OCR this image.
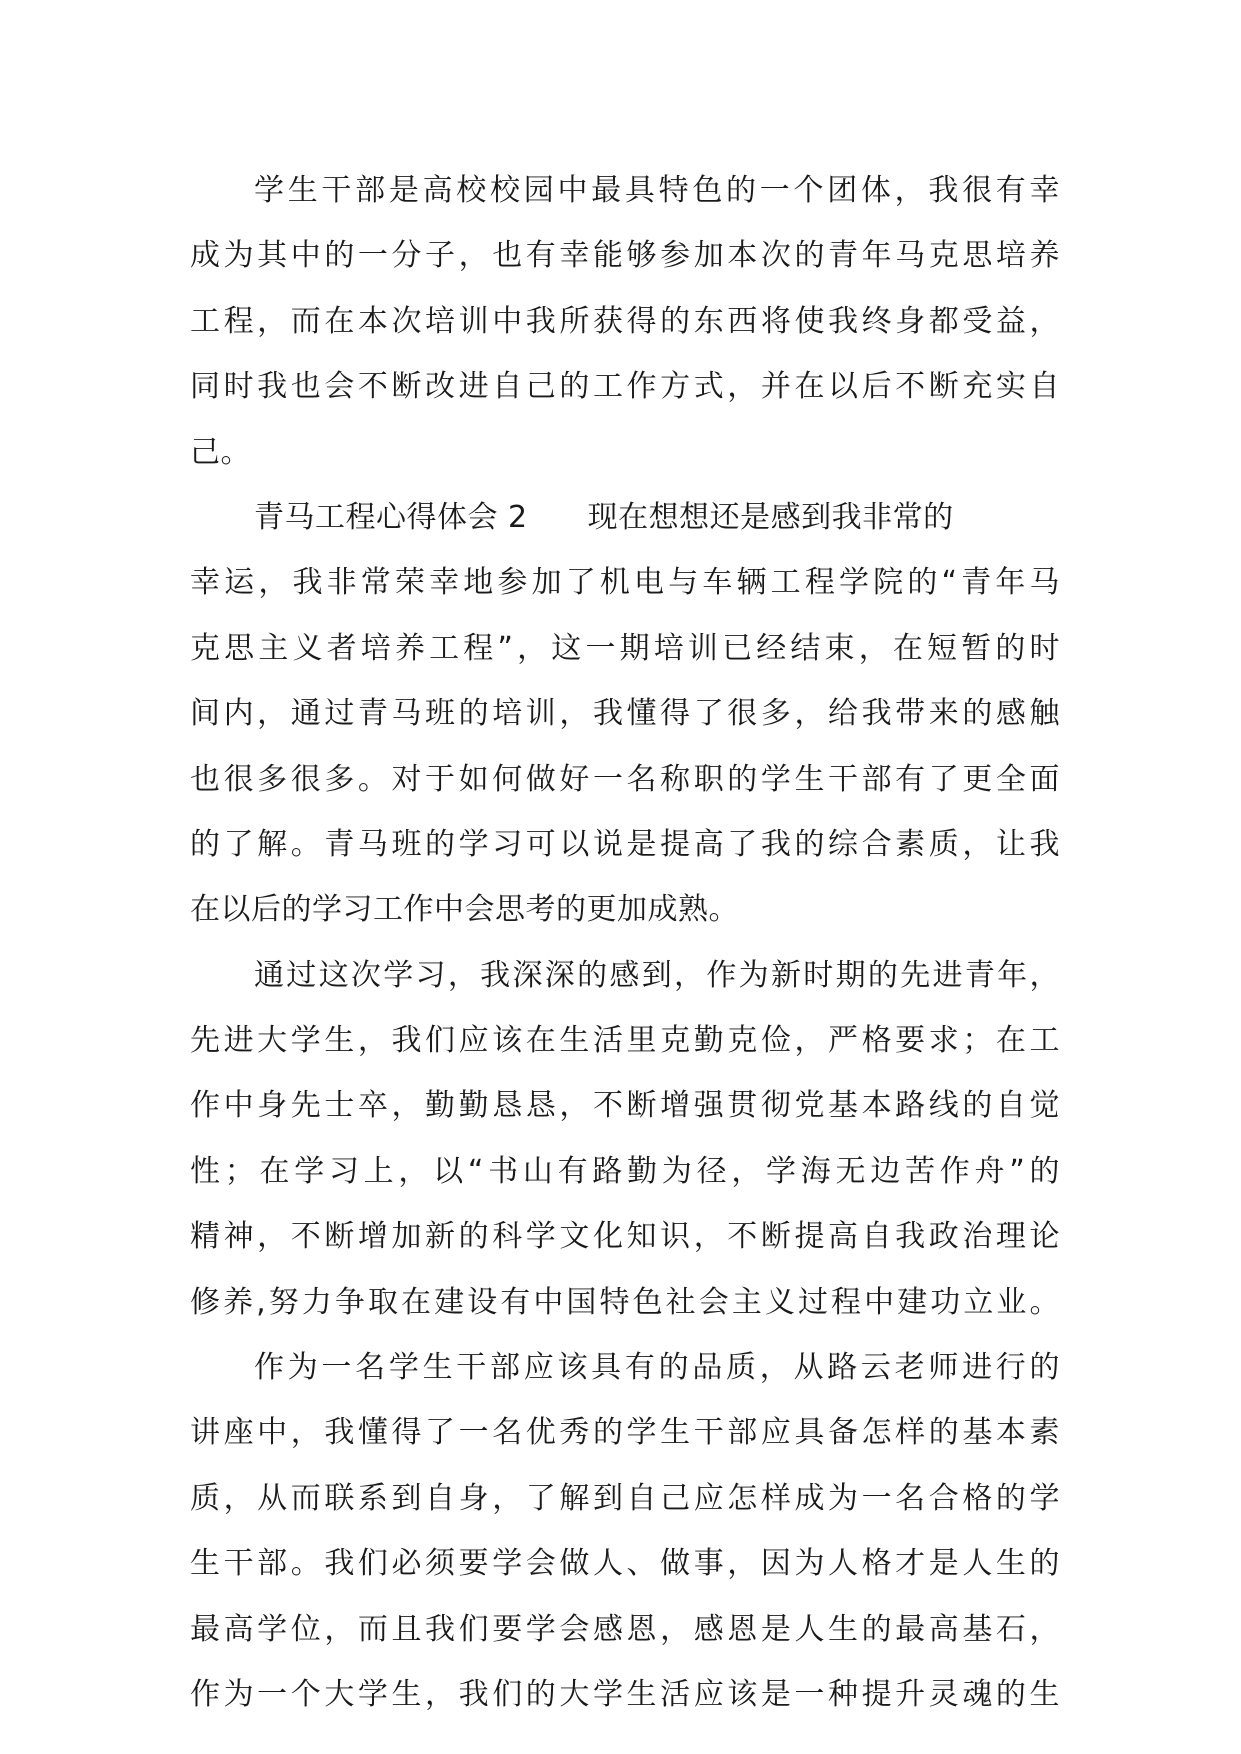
学生干部是高校校园中最具特色的一个团体，我很有幸
成为其中的一分子，也有幸能够参加本次的青年马克思培养
工程，而在本次培训中我所获得的东西将使我终身都受益，
同时我也会不断改进自己的工作方式，并在以后不断充实自
己。
青马工程心得体会 2 现在想想还是感到我非常的
幸运，我非常荣幸地参加了机电与车辆工程学院的“青年马
克思主义者培养工程”，这一期培训已经结束，在短暂的时
间内，通过青马班的培训，我懂得了很多，给我带来的感触
也很多很多。对于如何做好一名称职的学生干部有了更全面
的了解。青马班的学习可以说是提高了我的综合素质，让我
在以后的学习工作中会思考的更加成熟。
通过这次学习，我深深的感到，作为新时期的先进青年，
先进大学生，我们应该在生活里克勤克俭，严格要求；在工
作中身先士卒，勤勤恳恳，不断增强贯彻党基本路线的自觉
性；在学习上，以“书山有路勤为径，学海无边苦作舟”的
精神，不断增加新的科学文化知识，不断提高自我政治理论
修养,努力争取在建设有中国特色社会主义过程中建功立业。
作为一名学生干部应该具有的品质，从路云老师进行的
讲座中，我懂得了一名优秀的学生干部应具备怎样的基本素
质，从而联系到自身，了解到自己应怎样成为一名合格的学
生干部。我们必须要学会做人、做事，因为人格才是人生的
最高学位，而且我们要学会感恩，感恩是人生的最高基石，
作为一个大学生，我们的大学生活应该是一种提升灵魂的生
